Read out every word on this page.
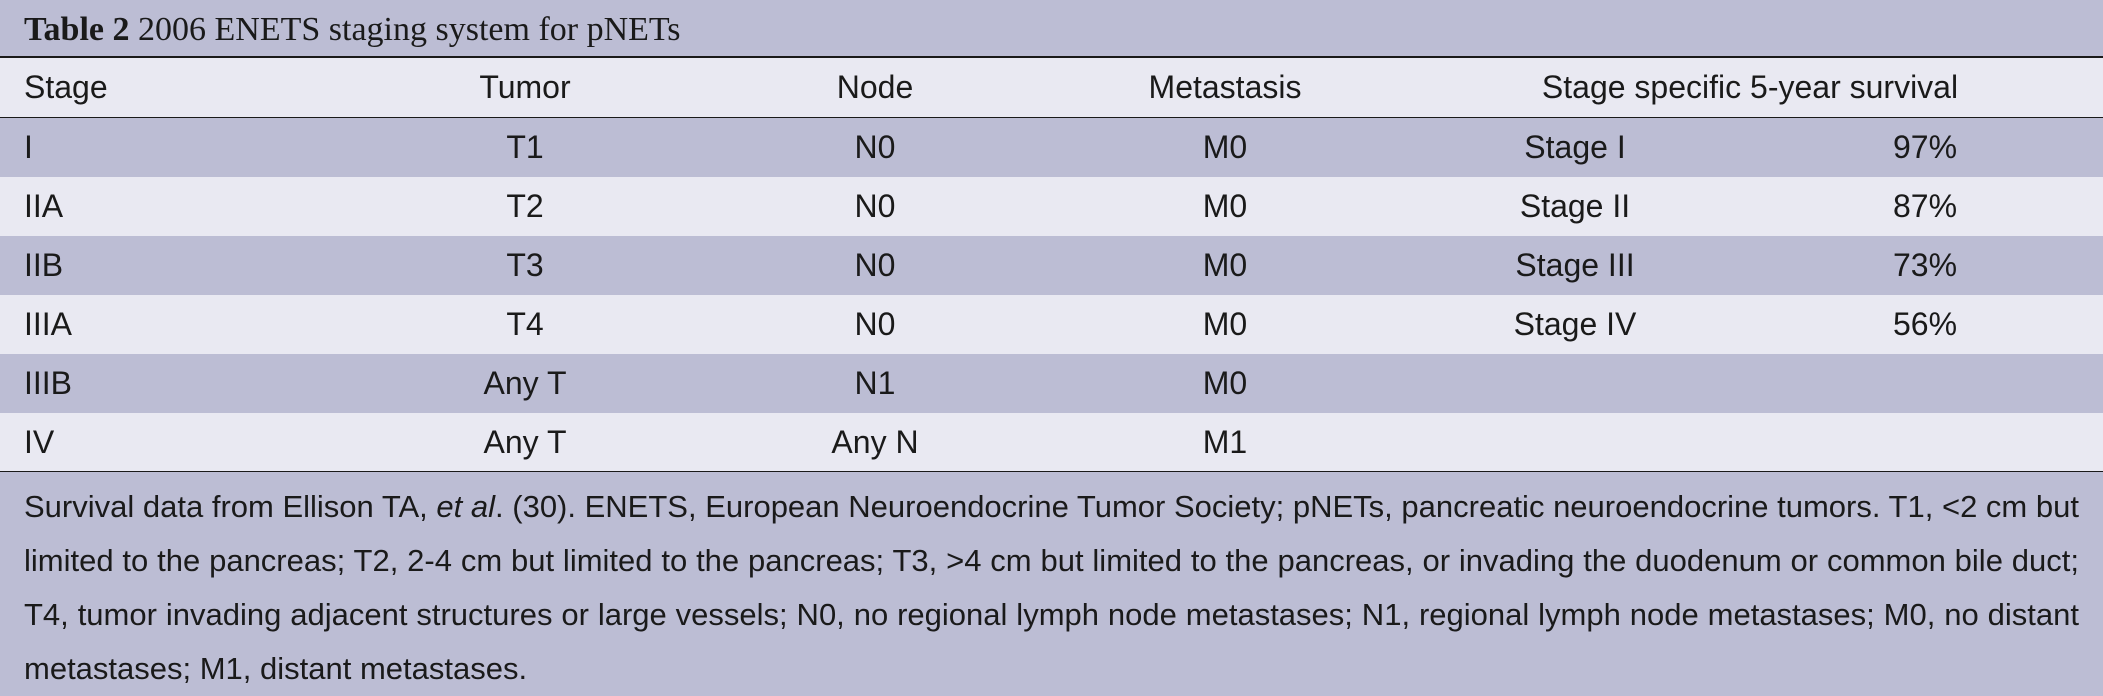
Table 2 2006 ENETS staging system for pNETs
Stage	Tumor	Node	Metastasis	Stage specific 5-year survival
I	T1	N0	M0	Stage I	97%
IIA	T2	N0	M0	Stage II	87%
IIB	T3	N0	M0	Stage III	73%
IIIA	T4	N0	M0	Stage IV	56%
IIIB	Any T	N1	M0
IV	Any T	Any N	M1
Survival data from Ellison TA, et al. (30). ENETS, European Neuroendocrine Tumor Society; pNETs, pancreatic neuroendocrine tumors. T1, <2 cm but limited to the pancreas; T2, 2-4 cm but limited to the pancreas; T3, >4 cm but limited to the pancreas, or invading the duodenum or common bile duct; T4, tumor invading adjacent structures or large vessels; N0, no regional lymph node metastases; N1, regional lymph node metastases; M0, no distant metastases; M1, distant metastases.
